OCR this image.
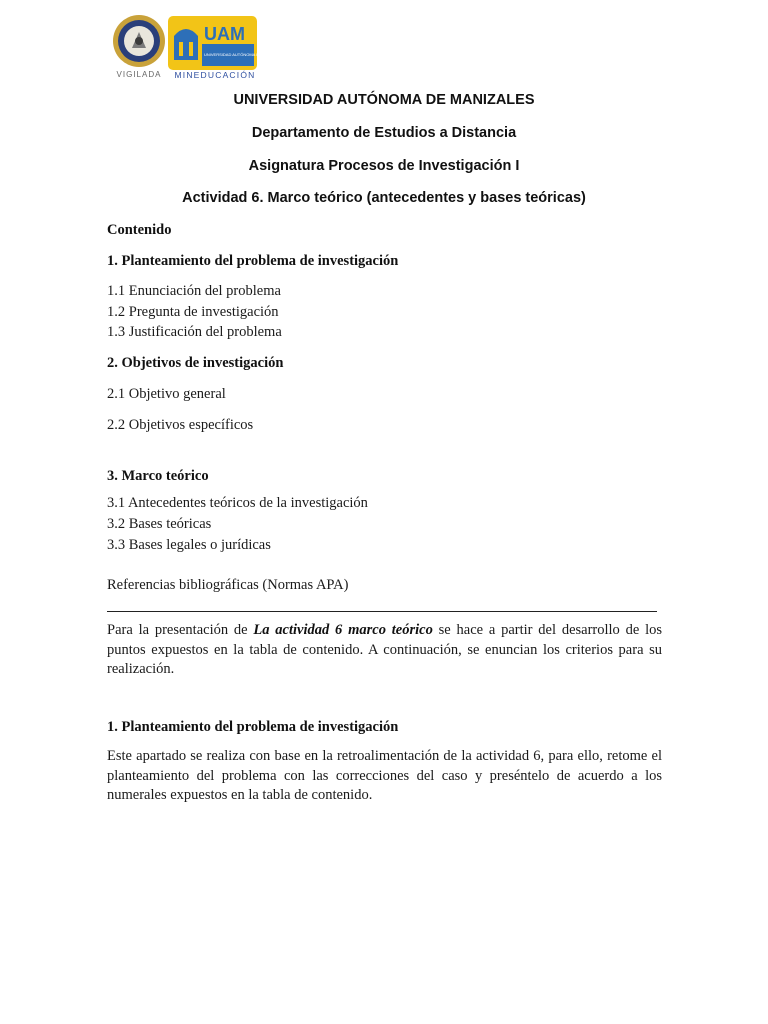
VIGILADA
UAM
UNIVERSIDAD AUTÓNOMA DE MANIZALES
MINEDUCACIÓN
UNIVERSIDAD AUTÓNOMA DE MANIZALES
Departamento de Estudios a Distancia
Asignatura Procesos de Investigación I
Actividad 6. Marco teórico (antecedentes y bases teóricas)
Contenido
1. Planteamiento del problema de investigación
1.1 Enunciación del problema
1.2 Pregunta de investigación
1.3 Justificación del problema
2. Objetivos de investigación
2.1 Objetivo general
2.2 Objetivos específicos
3. Marco teórico
3.1 Antecedentes teóricos de la investigación
3.2 Bases teóricas
3.3 Bases legales o jurídicas
Referencias bibliográficas (Normas APA)
Para la presentación de La actividad 6 marco teórico se hace a partir del desarrollo de los puntos expuestos en la tabla de contenido. A continuación, se enuncian los criterios para su realización.
1. Planteamiento del problema de investigación
Este apartado se realiza con base en la retroalimentación de la actividad 6, para ello, retome el planteamiento del problema con las correcciones del caso y preséntelo de acuerdo a los numerales expuestos en la tabla de contenido.
